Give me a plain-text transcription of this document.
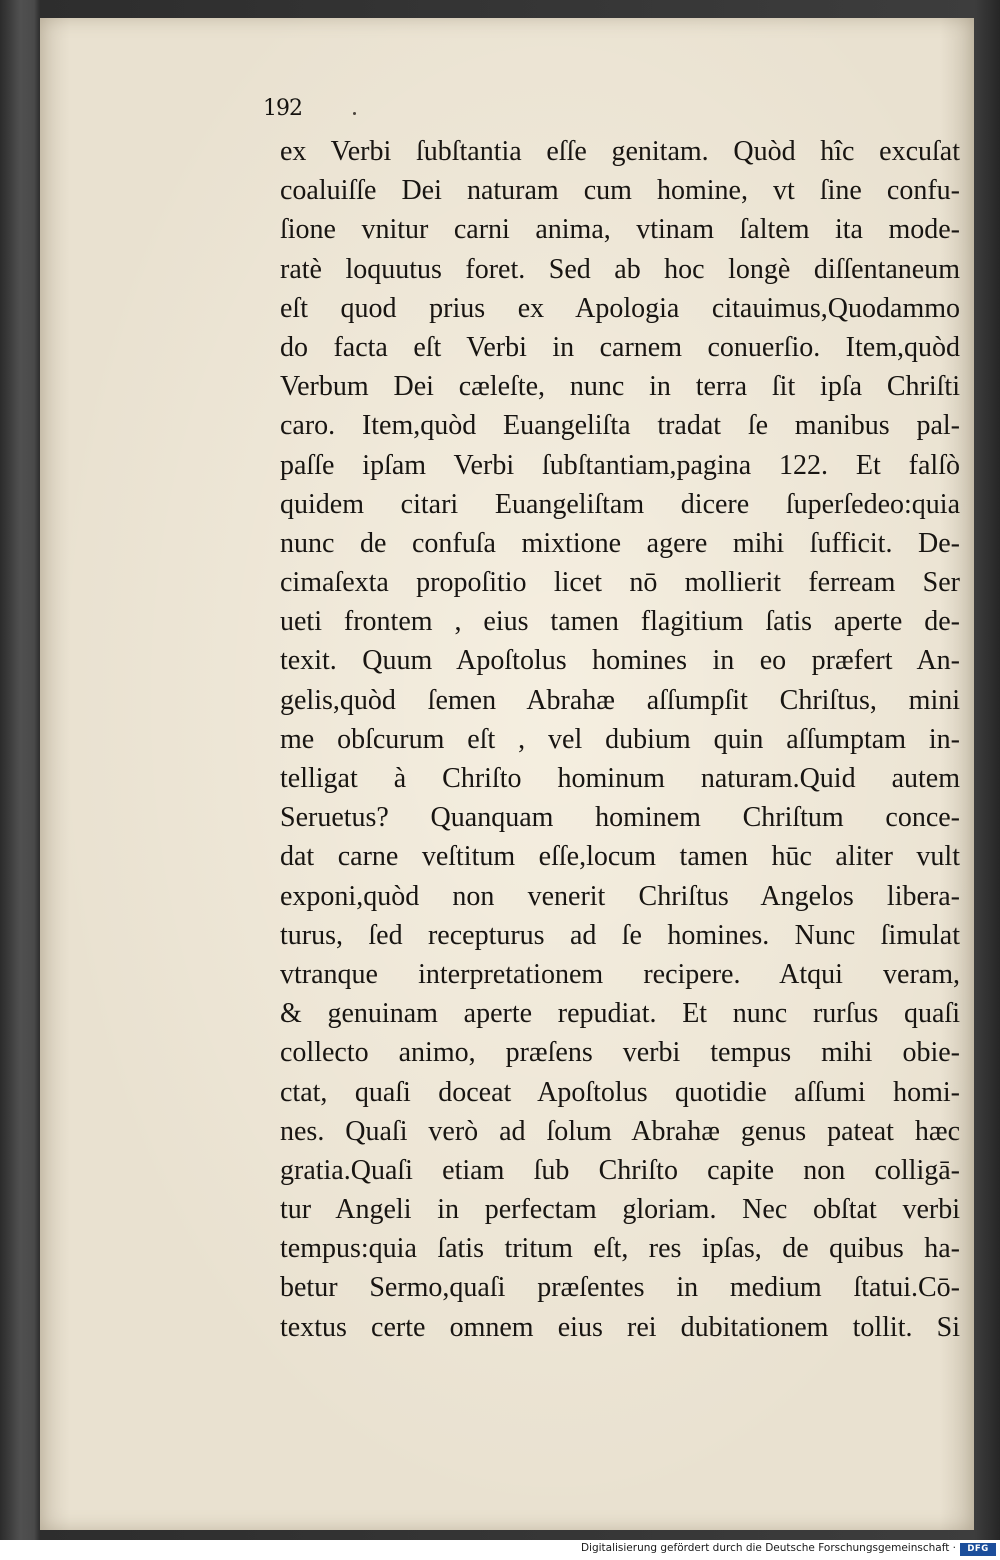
192
ex Verbi ſubſtantia eſſe genitam. Quòd hîc excuſat
coaluiſſe Dei naturam cum homine, vt ſine confu-
ſione vnitur carni anima, vtinam ſaltem ita mode-
ratè loquutus foret. Sed ab hoc longè diſſentaneum
eſt quod prius ex Apologia citauimus,Quodammo
do facta eſt Verbi in carnem conuerſio. Item,quòd
Verbum Dei cæleſte, nunc in terra ſit ipſa Chriſti
caro. Item,quòd Euangeliſta tradat ſe manibus pal-
paſſe ipſam Verbi ſubſtantiam,pagina 122. Et falſò
quidem citari Euangeliſtam dicere ſuperſedeo:quia
nunc de confuſa mixtione agere mihi ſufficit. De-
cimaſexta propoſitio licet nō mollierit ferream Ser
ueti frontem , eius tamen flagitium ſatis aperte de-
texit. Quum Apoſtolus homines in eo præfert An-
gelis,quòd ſemen Abrahæ aſſumpſit Chriſtus, mini
me obſcurum eſt , vel dubium quin aſſumptam in-
telligat à Chriſto hominum naturam.Quid autem
Seruetus? Quanquam hominem Chriſtum conce-
dat carne veſtitum eſſe,locum tamen hūc aliter vult
exponi,quòd non venerit Chriſtus Angelos libera-
turus, ſed recepturus ad ſe homines. Nunc ſimulat
vtranque interpretationem recipere. Atqui veram,
& genuinam aperte repudiat. Et nunc rurſus quaſi
collecto animo, præſens verbi tempus mihi obie-
ctat, quaſi doceat Apoſtolus quotidie aſſumi homi-
nes. Quaſi verò ad ſolum Abrahæ genus pateat hæc
gratia.Quaſi etiam ſub Chriſto capite non colligā-
tur Angeli in perfectam gloriam. Nec obſtat verbi
tempus:quia ſatis tritum eſt, res ipſas, de quibus ha-
betur Sermo,quaſi præſentes in medium ſtatui.Cō-
textus certe omnem eius rei dubitationem tollit. Si
Digitalisierung gefördert durch die Deutsche Forschungsgemeinschaft ·	DFG
